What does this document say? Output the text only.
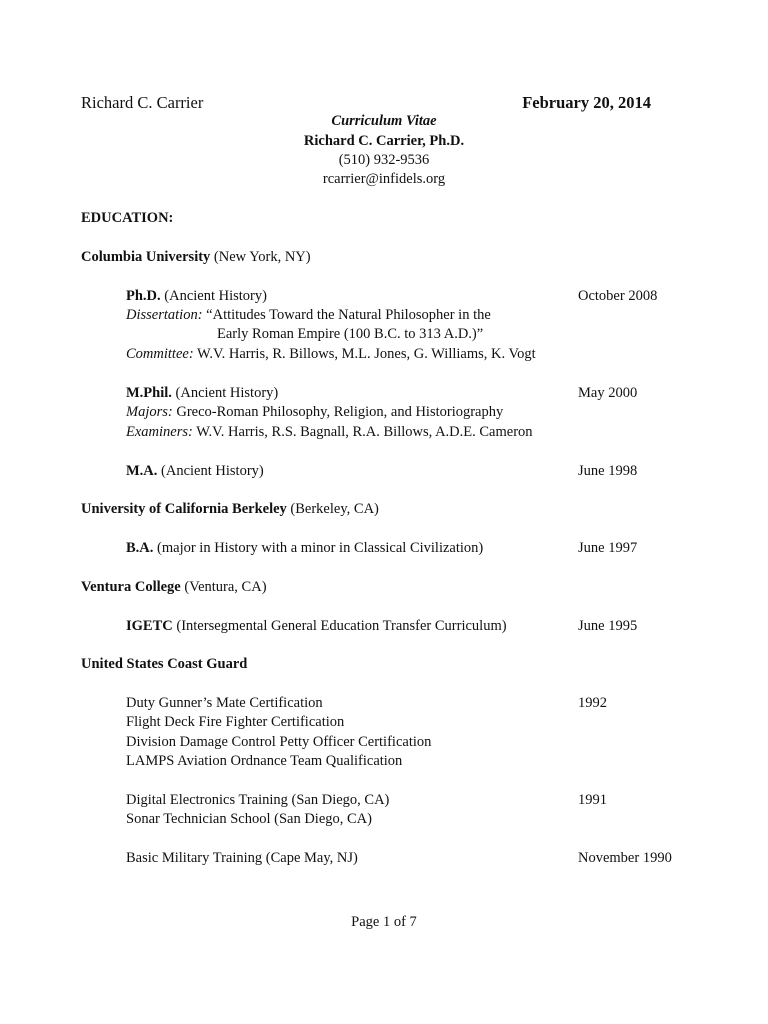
Richard C. Carrier	February 20, 2014
Curriculum Vitae
Richard C. Carrier, Ph.D.
(510) 932-9536
rcarrier@infidels.org
EDUCATION:
Columbia University (New York, NY)
Ph.D. (Ancient History)	October 2008
Dissertation: “Attitudes Toward the Natural Philosopher in the
Early Roman Empire (100 B.C. to 313 A.D.)”
Committee: W.V. Harris, R. Billows, M.L. Jones, G. Williams, K. Vogt
M.Phil. (Ancient History)	May 2000
Majors: Greco-Roman Philosophy, Religion, and Historiography
Examiners: W.V. Harris, R.S. Bagnall, R.A. Billows, A.D.E. Cameron
M.A. (Ancient History)	June 1998
University of California Berkeley (Berkeley, CA)
B.A. (major in History with a minor in Classical Civilization)	June 1997
Ventura College (Ventura, CA)
IGETC (Intersegmental General Education Transfer Curriculum)	June 1995
United States Coast Guard
Duty Gunner’s Mate Certification	1992
Flight Deck Fire Fighter Certification
Division Damage Control Petty Officer Certification
LAMPS Aviation Ordnance Team Qualification
Digital Electronics Training (San Diego, CA)	1991
Sonar Technician School (San Diego, CA)
Basic Military Training (Cape May, NJ)	November 1990
Page 1 of 7
